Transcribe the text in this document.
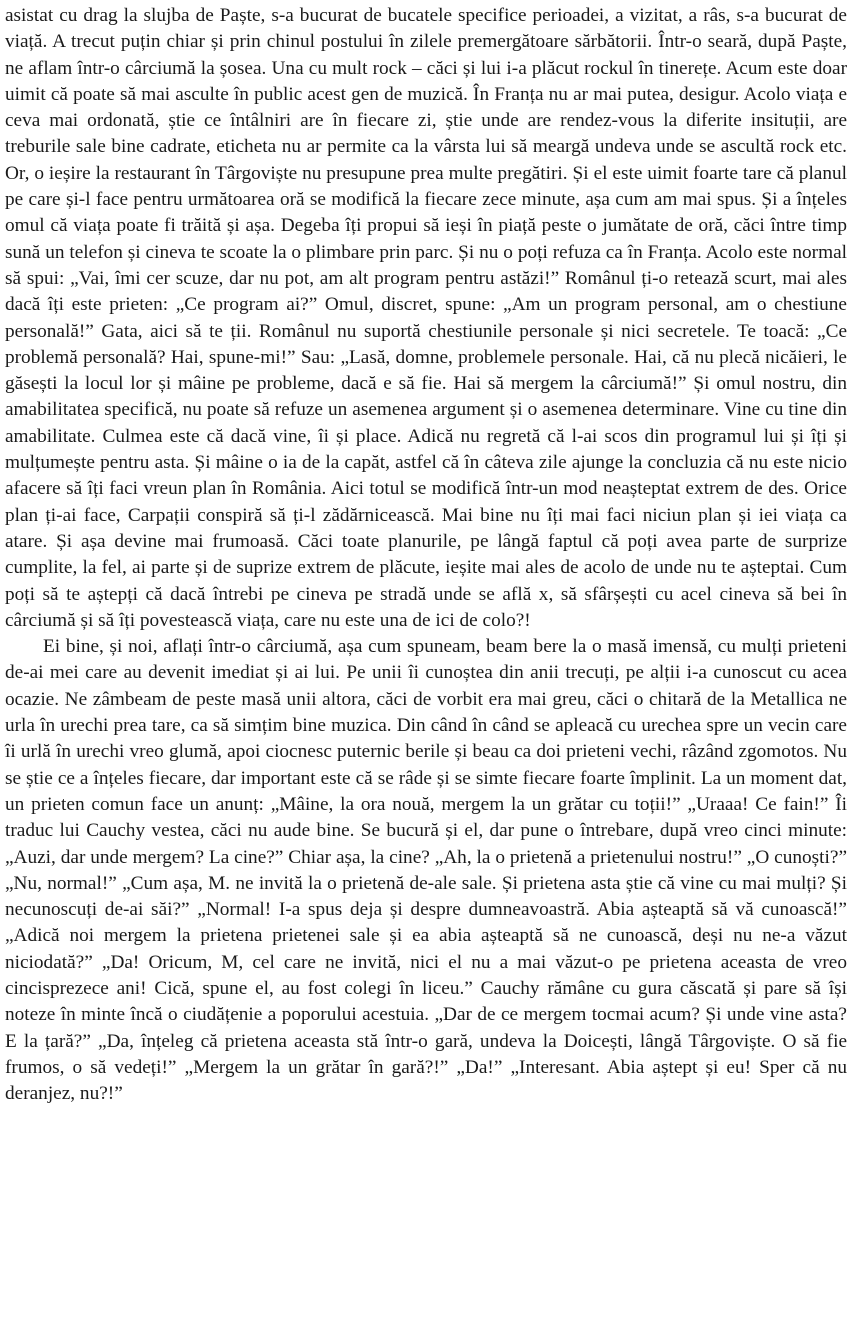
asistat cu drag la slujba de Paște, s-a bucurat de bucatele specifice perioadei, a vizitat, a râs, s-a bucurat de viață. A trecut puțin chiar și prin chinul postului în zilele premergătoare sărbătorii. Într-o seară, după Paște, ne aflam într-o cârciumă la șosea. Una cu mult rock – căci și lui i-a plăcut rockul în tinerețe. Acum este doar uimit că poate să mai asculte în public acest gen de muzică. În Franța nu ar mai putea, desigur. Acolo viața e ceva mai ordonată, știe ce întâlniri are în fiecare zi, știe unde are rendez-vous la diferite insituții, are treburile sale bine cadrate, eticheta nu ar permite ca la vârsta lui să meargă undeva unde se ascultă rock etc. Or, o ieșire la restaurant în Târgoviște nu presupune prea multe pregătiri. Și el este uimit foarte tare că planul pe care și-l face pentru următoarea oră se modifică la fiecare zece minute, așa cum am mai spus. Și a înțeles omul că viața poate fi trăită și așa. Degeba îți propui să ieși în piață peste o jumătate de oră, căci între timp sună un telefon și cineva te scoate la o plimbare prin parc. Și nu o poți refuza ca în Franța. Acolo este normal să spui: „Vai, îmi cer scuze, dar nu pot, am alt program pentru astăzi!” Românul ți-o retează scurt, mai ales dacă îți este prieten: „Ce program ai?” Omul, discret, spune: „Am un program personal, am o chestiune personală!” Gata, aici să te ții. Românul nu suportă chestiunile personale și nici secretele. Te toacă: „Ce problemă personală? Hai, spune-mi!” Sau: „Lasă, domne, problemele personale. Hai, că nu plecă nicăieri, le găsești la locul lor și mâine pe probleme, dacă e să fie. Hai să mergem la cârciumă!” Și omul nostru, din amabilitatea specifică, nu poate să refuze un asemenea argument și o asemenea determinare. Vine cu tine din amabilitate. Culmea este că dacă vine, îi și place. Adică nu regretă că l-ai scos din programul lui și îți și mulțumește pentru asta. Și mâine o ia de la capăt, astfel că în câteva zile ajunge la concluzia că nu este nicio afacere să îți faci vreun plan în România. Aici totul se modifică într-un mod neașteptat extrem de des. Orice plan ți-ai face, Carpații conspiră să ți-l zădărnicească. Mai bine nu îți mai faci niciun plan și iei viața ca atare. Și așa devine mai frumoasă. Căci toate planurile, pe lângă faptul că poți avea parte de surprize cumplite, la fel, ai parte și de suprize extrem de plăcute, ieșite mai ales de acolo de unde nu te așteptai. Cum poți să te aștepți că dacă întrebi pe cineva pe stradă unde se află x, să sfârșești cu acel cineva să bei în cârciumă și să îți povestească viața, care nu este una de ici de colo?!

Ei bine, și noi, aflați într-o cârciumă, așa cum spuneam, beam bere la o masă imensă, cu mulți prieteni de-ai mei care au devenit imediat și ai lui. Pe unii îi cunoștea din anii trecuți, pe alții i-a cunoscut cu acea ocazie. Ne zâmbeam de peste masă unii altora, căci de vorbit era mai greu, căci o chitară de la Metallica ne urla în urechi prea tare, ca să simțim bine muzica. Din când în când se apleacă cu urechea spre un vecin care îi urlă în urechi vreo glumă, apoi ciocnesc puternic berile și beau ca doi prieteni vechi, râzând zgomotos. Nu se știe ce a înțeles fiecare, dar important este că se râde și se simte fiecare foarte împlinit. La un moment dat, un prieten comun face un anunț: „Mâine, la ora nouă, mergem la un grătar cu toții!” „Uraaa! Ce fain!” Îi traduc lui Cauchy vestea, căci nu aude bine. Se bucură și el, dar pune o întrebare, după vreo cinci minute: „Auzi, dar unde mergem? La cine?” Chiar așa, la cine? „Ah, la o prietenă a prietenului nostru!” „O cunoști?” „Nu, normal!” „Cum așa, M. ne invită la o prietenă de-ale sale. Și prietena asta știe că vine cu mai mulți? Și necunoscuți de-ai săi?” „Normal! I-a spus deja și despre dumneavoastră. Abia așteaptă să vă cunoască!” „Adică noi mergem la prietena prietenei sale și ea abia așteaptă să ne cunoască, deși nu ne-a văzut niciodată?” „Da! Oricum, M, cel care ne invită, nici el nu a mai văzut-o pe prietena aceasta de vreo cincisprezece ani! Cică, spune el, au fost colegi în liceu.” Cauchy rămâne cu gura căscată și pare să își noteze în minte încă o ciudățenie a poporului acestuia. „Dar de ce mergem tocmai acum? Și unde vine asta? E la țară?” „Da, înțeleg că prietena aceasta stă într-o gară, undeva la Doicești, lângă Târgoviște. O să fie frumos, o să vedeți!” „Mergem la un grătar în gară?!” „Da!” „Interesant. Abia aștept și eu! Sper că nu deranjez, nu?!”
